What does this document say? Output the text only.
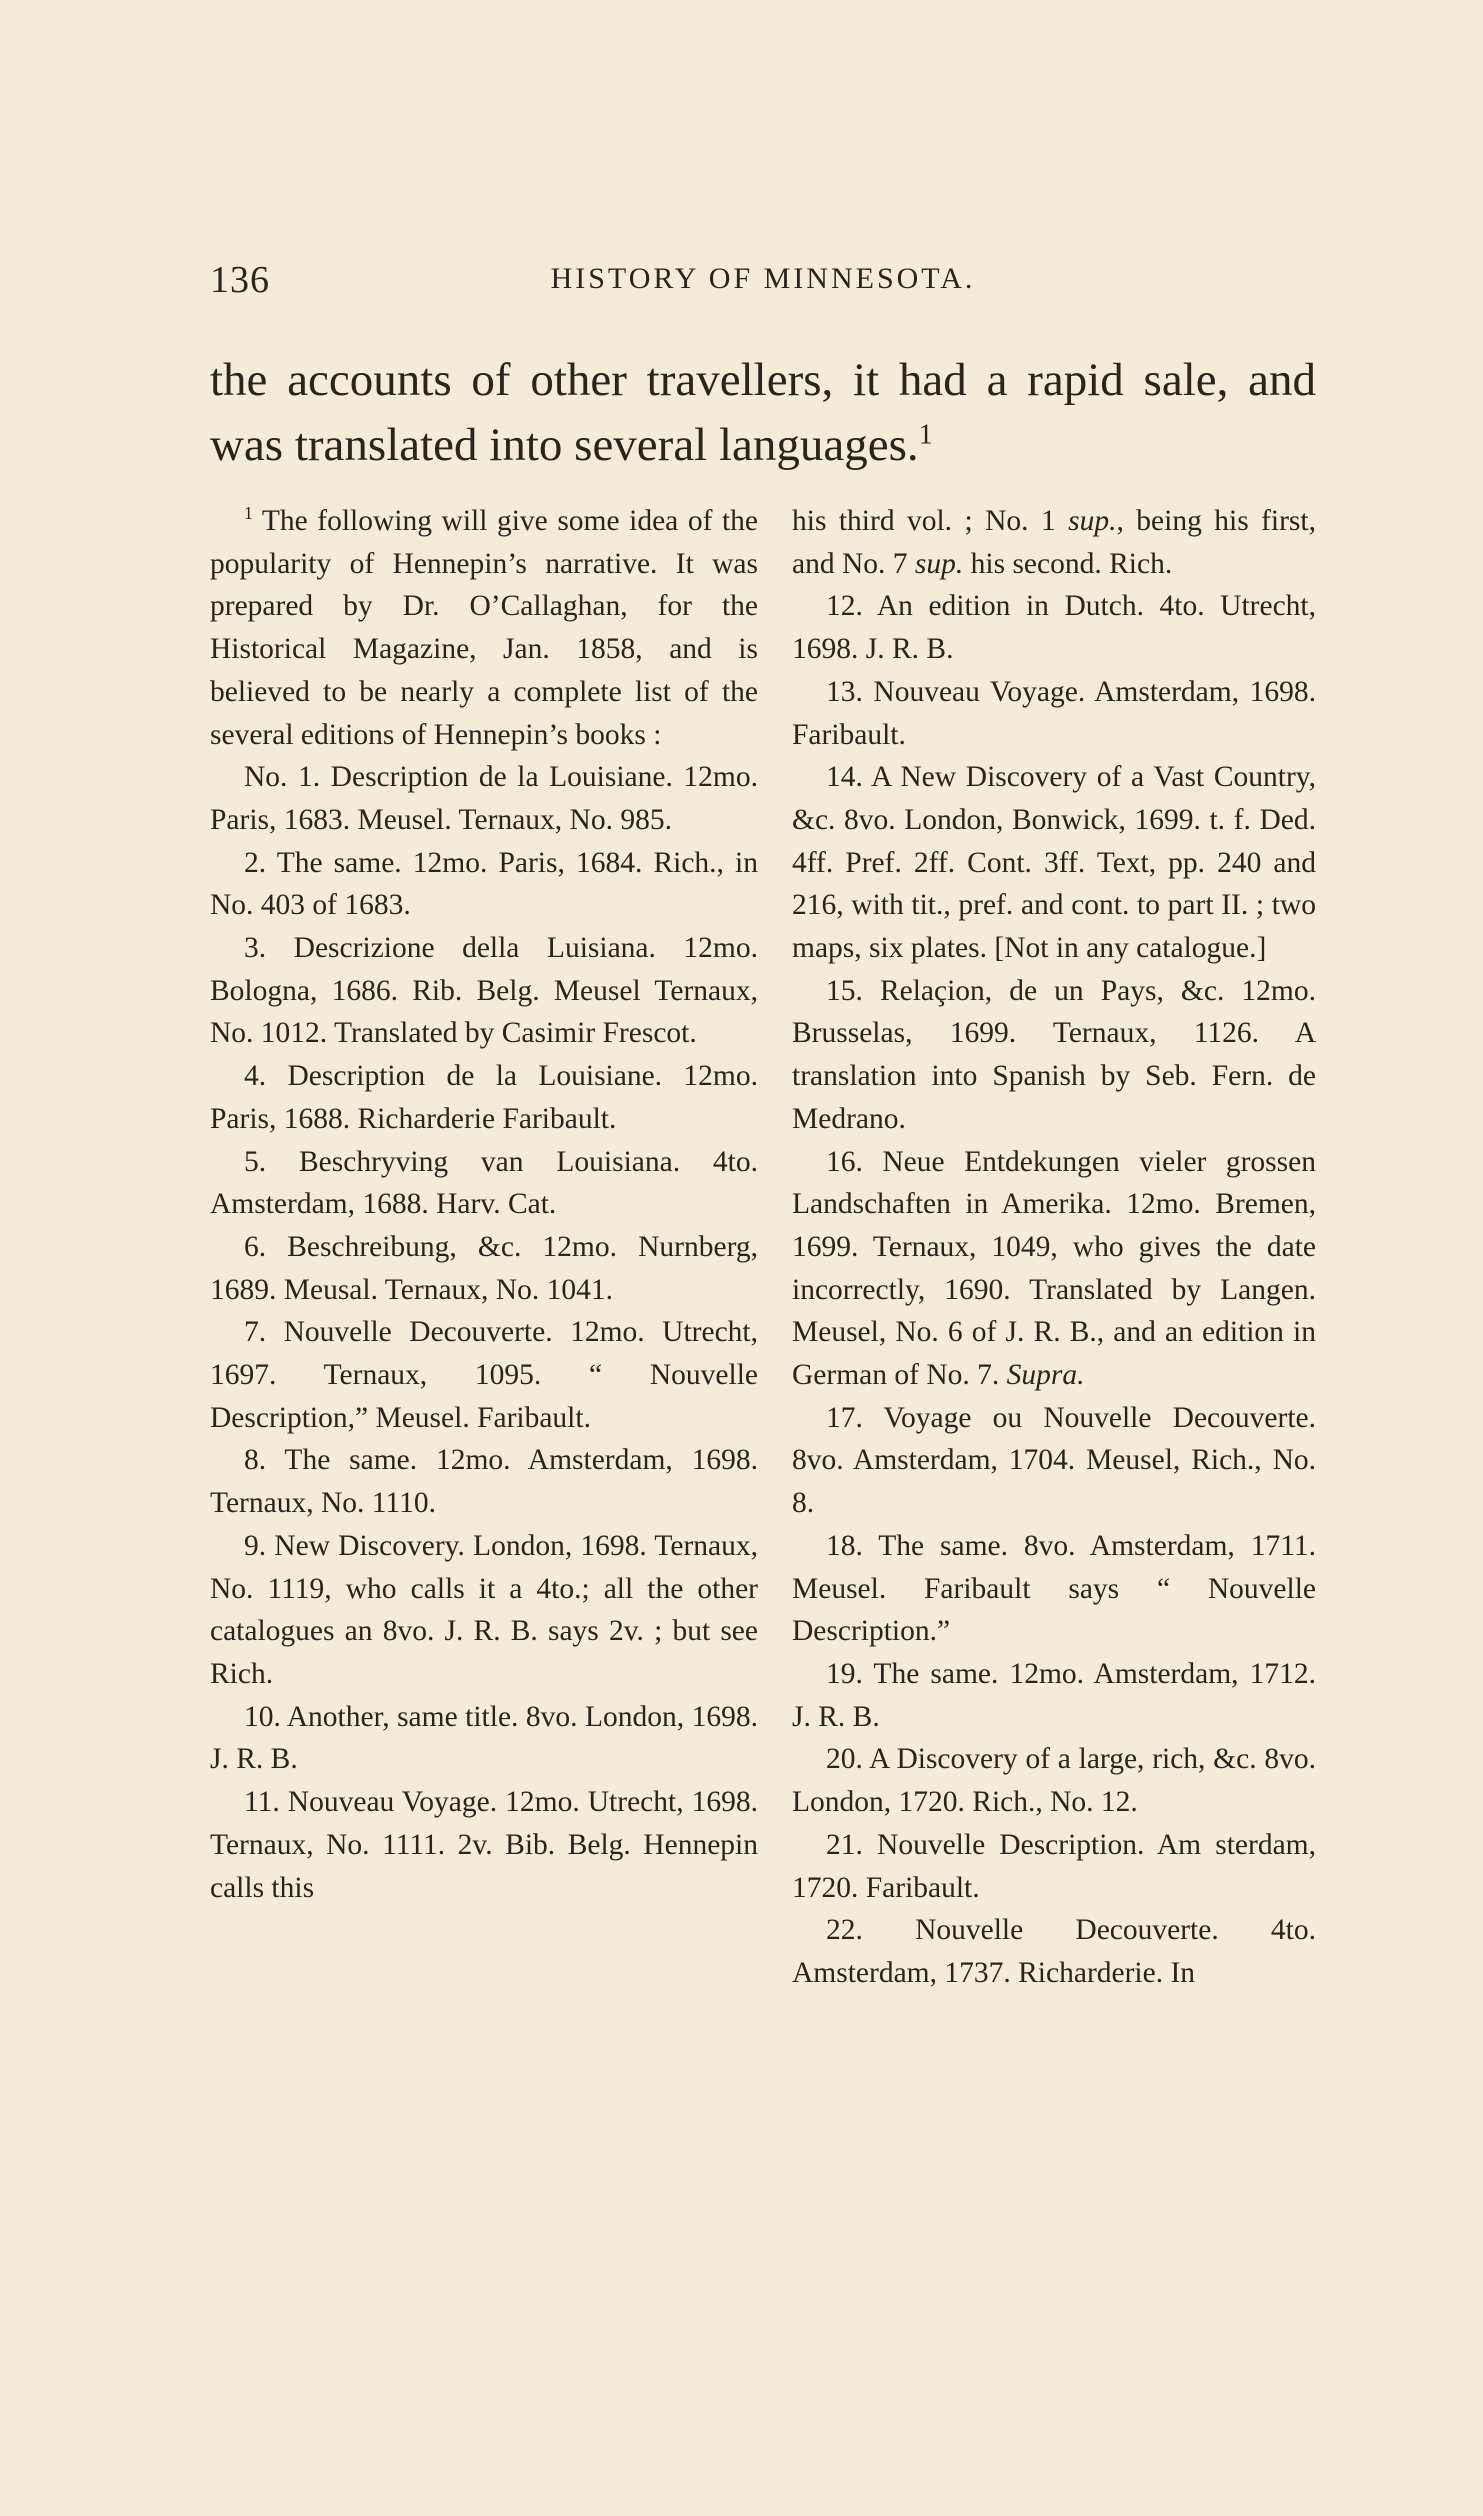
136	HISTORY OF MINNESOTA.

the accounts of other travellers, it had a rapid sale, and was translated into several languages.$^1$

$^1$ The following will give some idea of the popularity of Hennepin’s narrative. It was prepared by Dr. O’Callaghan, for the Historical Magazine, Jan. 1858, and is believed to be nearly a complete list of the several editions of Hennepin’s books :

No. 1. Description de la Louisiane. 12mo. Paris, 1683. Meusel. Ternaux, No. 985.

2. The same. 12mo. Paris, 1684. Rich., in No. 403 of 1683.

3. Descrizione della Luisiana. 12mo. Bologna, 1686. Rib. Belg. Meusel Ternaux, No. 1012. Translated by Casimir Frescot.

4. Description de la Louisiane. 12mo. Paris, 1688. Richarderie Faribault.

5. Beschryving van Louisiana. 4to. Amsterdam, 1688. Harv. Cat.

6. Beschreibung, &c. 12mo. Nurnberg, 1689. Meusal. Ternaux, No. 1041.

7. Nouvelle Decouverte. 12mo. Utrecht, 1697. Ternaux, 1095. “ Nouvelle Description,” Meusel. Faribault.

8. The same. 12mo. Amsterdam, 1698. Ternaux, No. 1110.

9. New Discovery. London, 1698. Ternaux, No. 1119, who calls it a 4to.; all the other catalogues an 8vo. J. R. B. says 2v. ; but see Rich.

10. Another, same title. 8vo. London, 1698. J. R. B.

11. Nouveau Voyage. 12mo. Utrecht, 1698. Ternaux, No. 1111. 2v. Bib. Belg. Hennepin calls this

his third vol. ; No. 1 sup., being his first, and No. 7 sup. his second. Rich.

12. An edition in Dutch. 4to. Utrecht, 1698. J. R. B.

13. Nouveau Voyage. Amsterdam, 1698. Faribault.

14. A New Discovery of a Vast Country, &c. 8vo. London, Bonwick, 1699. t. f. Ded. 4ff. Pref. 2ff. Cont. 3ff. Text, pp. 240 and 216, with tit., pref. and cont. to part II. ; two maps, six plates. [Not in any catalogue.]

15. Relaçion, de un Pays, &c. 12mo. Brusselas, 1699. Ternaux, 1126. A translation into Spanish by Seb. Fern. de Medrano.

16. Neue Entdekungen vieler grossen Landschaften in Amerika. 12mo. Bremen, 1699. Ternaux, 1049, who gives the date incorrectly, 1690. Translated by Langen. Meusel, No. 6 of J. R. B., and an edition in German of No. 7. Supra.

17. Voyage ou Nouvelle Decouverte. 8vo. Amsterdam, 1704. Meusel, Rich., No. 8.

18. The same. 8vo. Amsterdam, 1711. Meusel. Faribault says “ Nouvelle Description.”

19. The same. 12mo. Amsterdam, 1712. J. R. B.

20. A Discovery of a large, rich, &c. 8vo. London, 1720. Rich., No. 12.

21. Nouvelle Description. Am sterdam, 1720. Faribault.

22. Nouvelle Decouverte. 4to. Amsterdam, 1737. Richarderie. In
